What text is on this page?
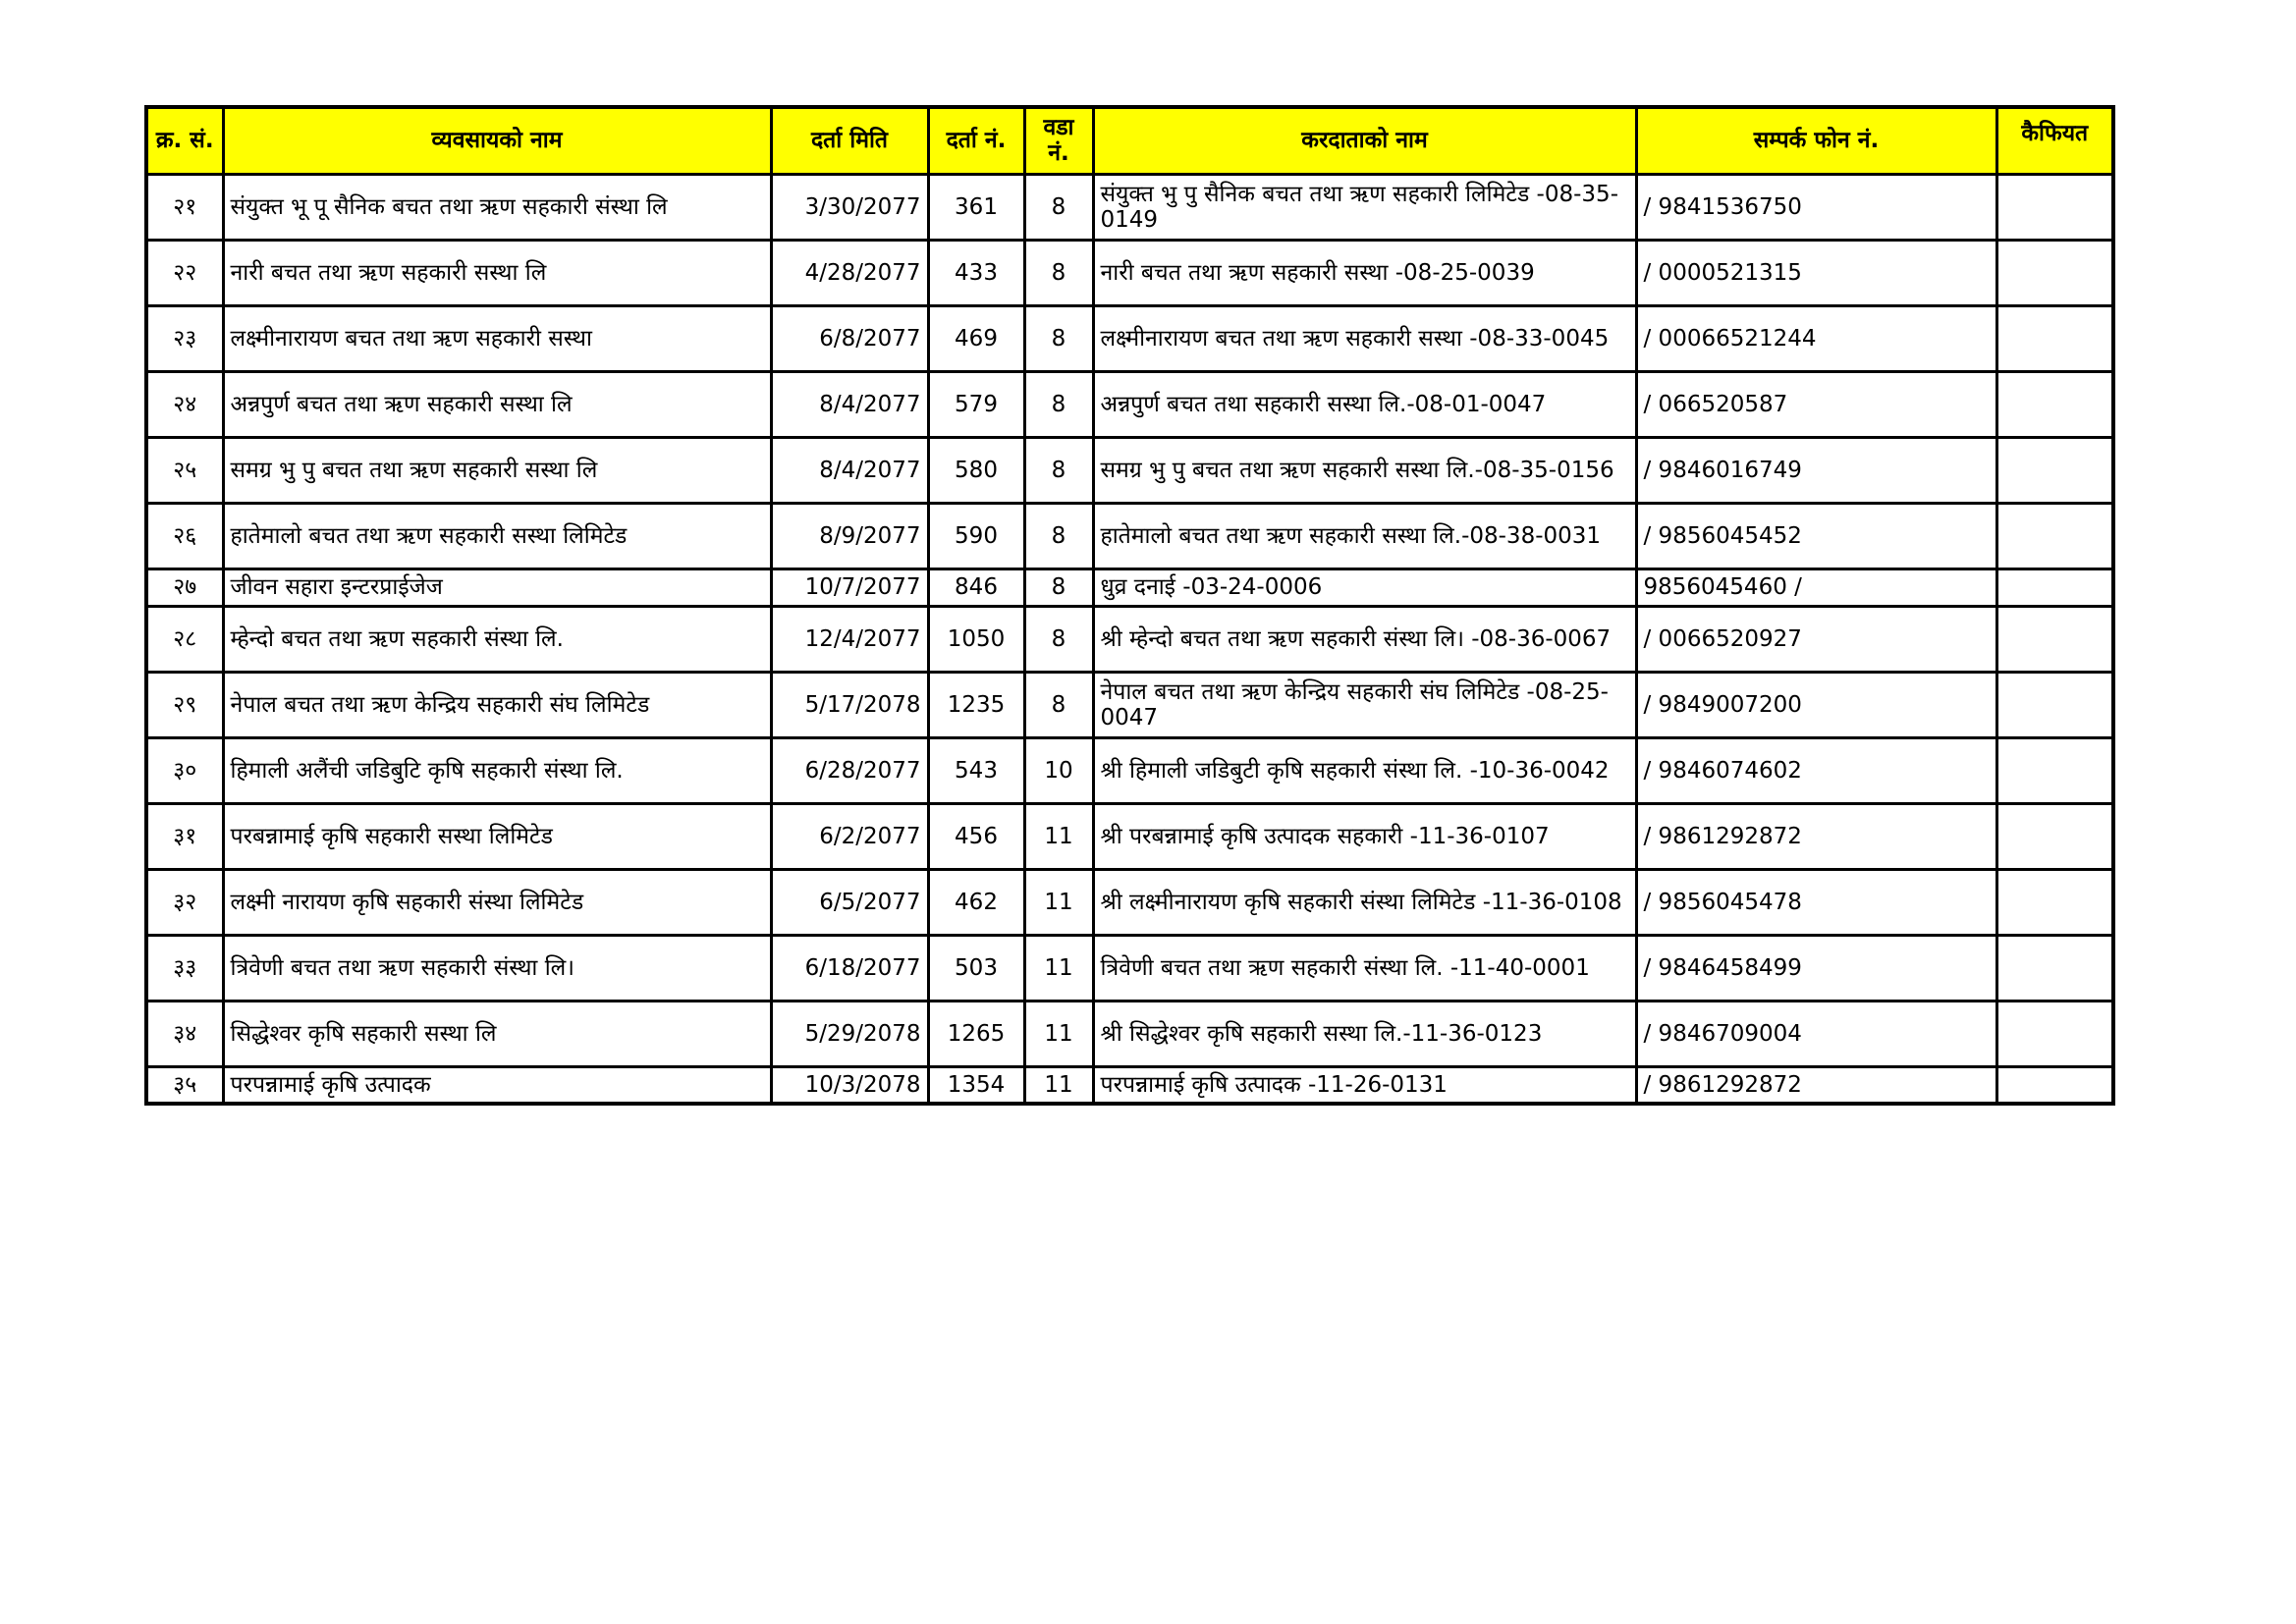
क्र. सं.	व्यवसायको नाम	दर्ता मिति	दर्ता नं.	वडा नं.	करदाताको नाम	सम्पर्क फोन नं.	कैफियत
२१	संयुक्त भू पू सैनिक बचत तथा ऋण सहकारी संस्था लि	3/30/2077	361	8	संयुक्त भु पु सैनिक बचत तथा ऋण सहकारी लिमिटेड -08-35-0149	/ 9841536750	
२२	नारी बचत तथा ऋण सहकारी सस्था लि	4/28/2077	433	8	नारी बचत तथा ऋण सहकारी सस्था -08-25-0039	/ 0000521315	
२३	लक्ष्मीनारायण बचत तथा ऋण सहकारी सस्था	6/8/2077	469	8	लक्ष्मीनारायण बचत तथा ऋण सहकारी सस्था -08-33-0045	/ 00066521244	
२४	अन्नपुर्ण बचत तथा ऋण सहकारी सस्था लि	8/4/2077	579	8	अन्नपुर्ण बचत तथा सहकारी सस्था लि.-08-01-0047	/ 066520587	
२५	समग्र भु पु बचत तथा ऋण सहकारी सस्था लि	8/4/2077	580	8	समग्र भु पु बचत तथा ऋण सहकारी सस्था लि.-08-35-0156	/ 9846016749	
२६	हातेमालो बचत तथा ऋण सहकारी सस्था लिमिटेड	8/9/2077	590	8	हातेमालो बचत तथा ऋण सहकारी सस्था लि.-08-38-0031	/ 9856045452	
२७	जीवन सहारा इन्टरप्राईजेज	10/7/2077	846	8	धुव्र दनाई -03-24-0006	9856045460 /	
२८	म्हेन्दो बचत तथा ऋण सहकारी संस्था लि.	12/4/2077	1050	8	श्री म्हेन्दो बचत तथा ऋण सहकारी संस्था लि। -08-36-0067	/ 0066520927	
२९	नेपाल बचत तथा ऋण केन्द्रिय सहकारी संघ लिमिटेड	5/17/2078	1235	8	नेपाल बचत तथा ऋण केन्द्रिय सहकारी संघ लिमिटेड -08-25-0047	/ 9849007200	
३०	हिमाली अलैंची जडिबुटि कृषि सहकारी संस्था लि.	6/28/2077	543	10	श्री हिमाली जडिबुटी कृषि सहकारी संस्था लि. -10-36-0042	/ 9846074602	
३१	परबन्नामाई कृषि सहकारी सस्था लिमिटेड	6/2/2077	456	11	श्री परबन्नामाई कृषि उत्पादक सहकारी -11-36-0107	/ 9861292872	
३२	लक्ष्मी नारायण कृषि सहकारी संस्था लिमिटेड	6/5/2077	462	11	श्री लक्ष्मीनारायण कृषि सहकारी संस्था लिमिटेड -11-36-0108	/ 9856045478	
३३	त्रिवेणी बचत तथा ऋण सहकारी संस्था लि।	6/18/2077	503	11	त्रिवेणी बचत तथा ऋण सहकारी संस्था लि. -11-40-0001	/ 9846458499	
३४	सिद्धेश्वर कृषि सहकारी सस्था लि	5/29/2078	1265	11	श्री सिद्धेश्वर कृषि सहकारी सस्था लि.-11-36-0123	/ 9846709004	
३५	परपन्नामाई कृषि उत्पादक	10/3/2078	1354	11	परपन्नामाई कृषि उत्पादक -11-26-0131	/ 9861292872	
